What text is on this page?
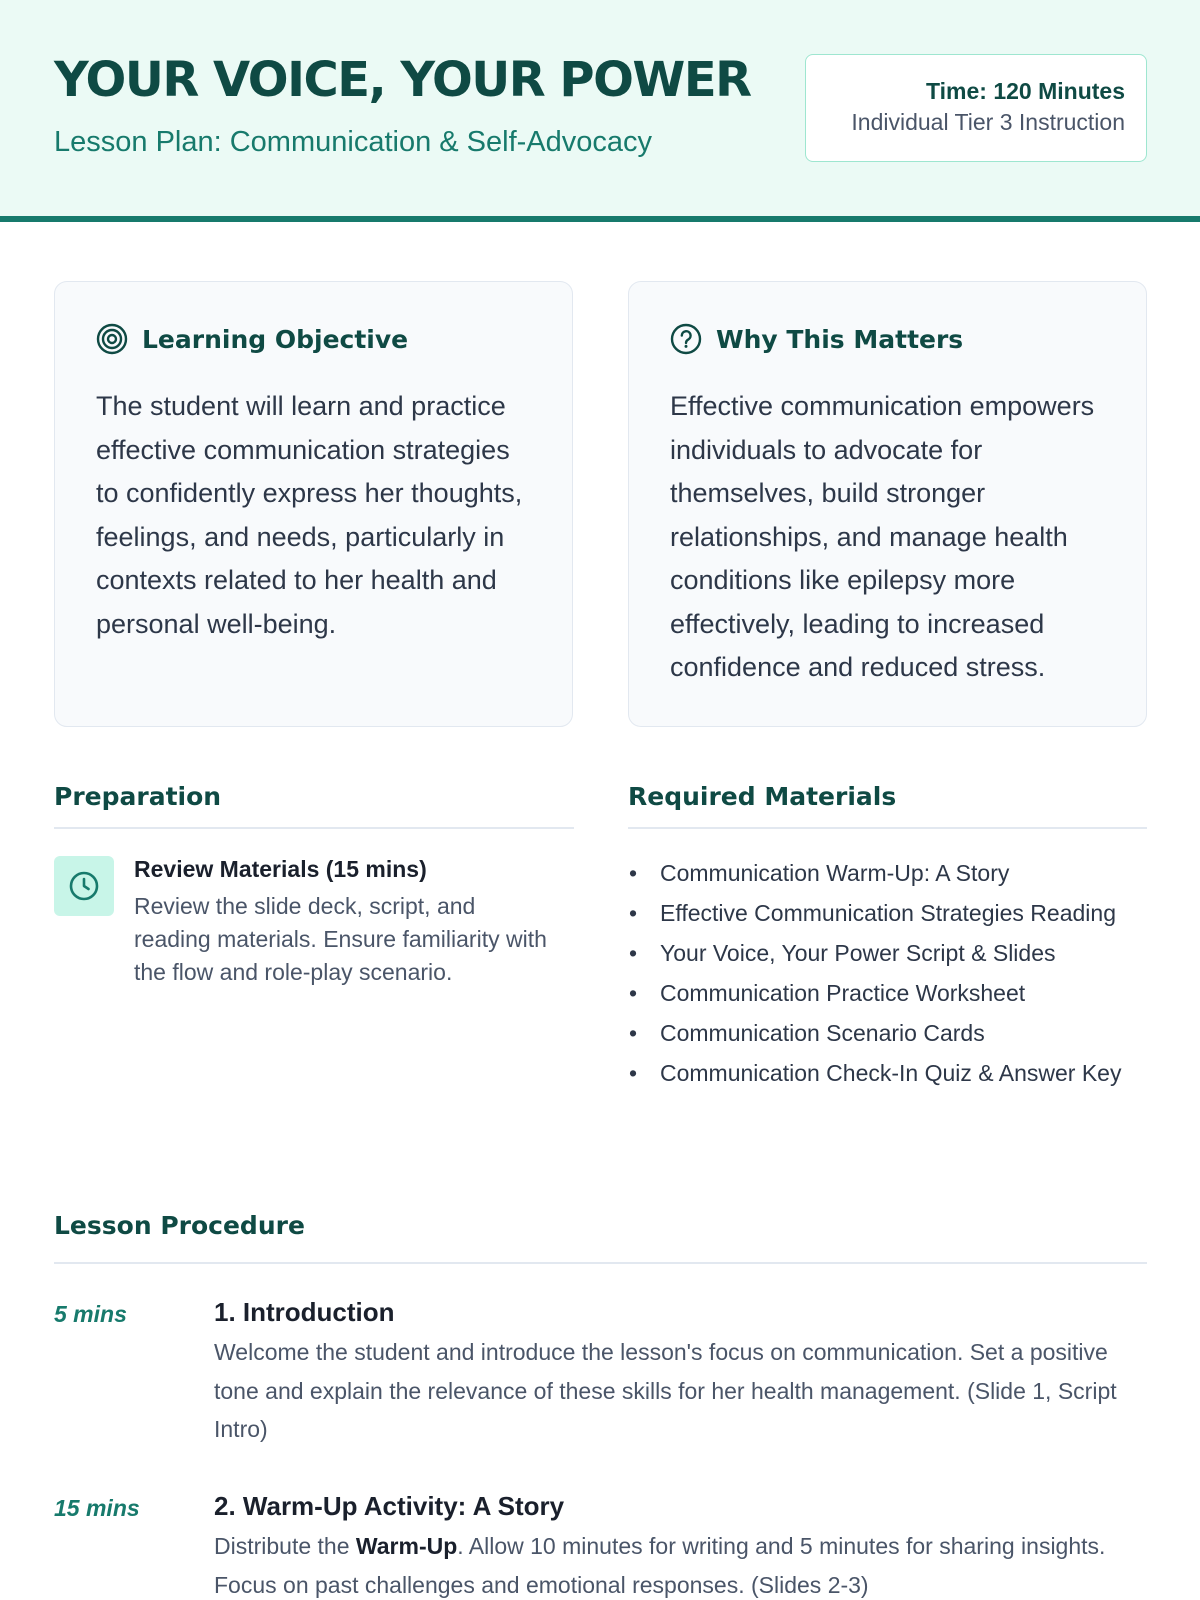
YOUR VOICE, YOUR POWER
Lesson Plan: Communication & Self-Advocacy
Time: 120 Minutes
Individual Tier 3 Instruction
Learning Objective
The student will learn and practice effective communication strategies to confidently express her thoughts, feelings, and needs, particularly in contexts related to her health and personal well-being.
Why This Matters
Effective communication empowers individuals to advocate for themselves, build stronger relationships, and manage health conditions like epilepsy more effectively, leading to increased confidence and reduced stress.
Preparation
Review Materials (15 mins)
Review the slide deck, script, and reading materials. Ensure familiarity with the flow and role-play scenario.
Required Materials
• Communication Warm-Up: A Story
• Effective Communication Strategies Reading
• Your Voice, Your Power Script & Slides
• Communication Practice Worksheet
• Communication Scenario Cards
• Communication Check-In Quiz & Answer Key
Lesson Procedure
5 mins	1. Introduction
Welcome the student and introduce the lesson's focus on communication. Set a positive tone and explain the relevance of these skills for her health management. (Slide 1, Script Intro)
15 mins	2. Warm-Up Activity: A Story
Distribute the Warm-Up. Allow 10 minutes for writing and 5 minutes for sharing insights. Focus on past challenges and emotional responses. (Slides 2-3)
